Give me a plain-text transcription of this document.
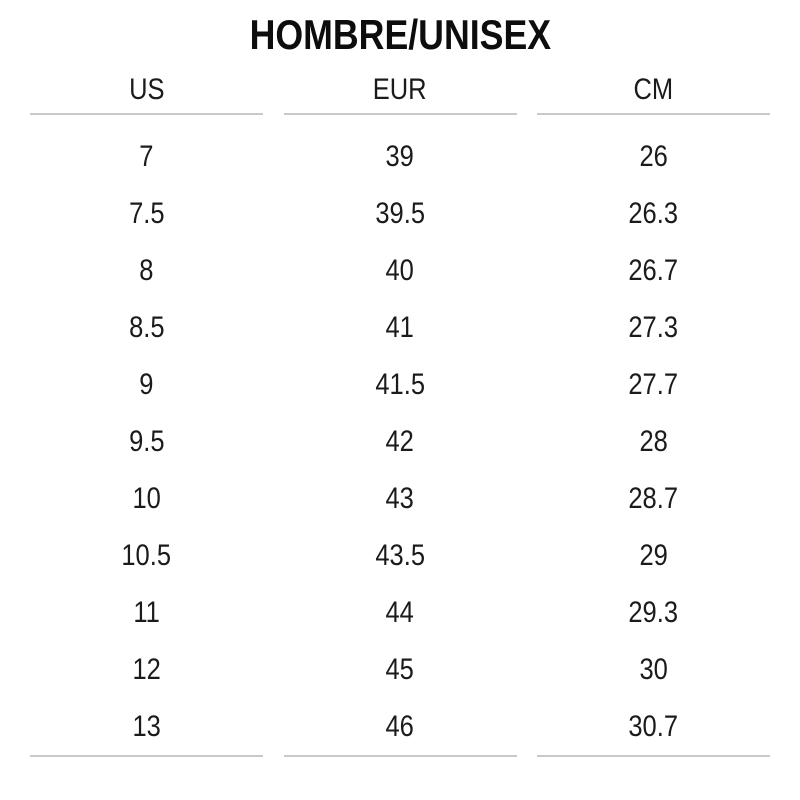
HOMBRE/UNISEX
US	EUR	CM
7	39	26
7.5	39.5	26.3
8	40	26.7
8.5	41	27.3
9	41.5	27.7
9.5	42	28
10	43	28.7
10.5	43.5	29
11	44	29.3
12	45	30
13	46	30.7
